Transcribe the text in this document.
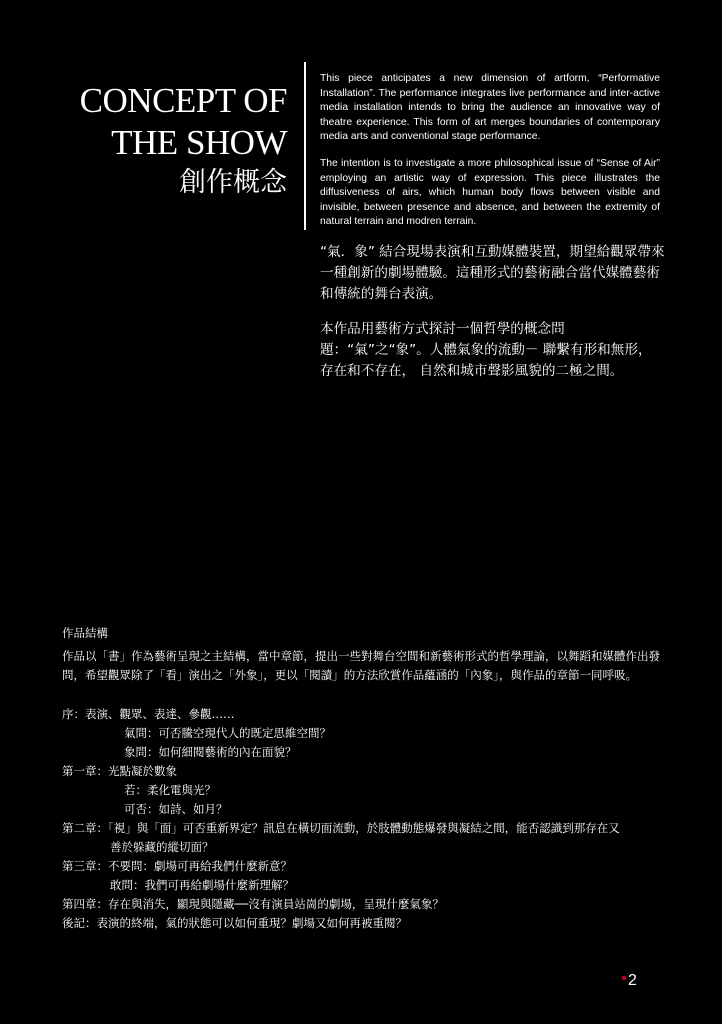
CONCEPT OF
THE SHOW
創作概念

This piece anticipates a new dimension of artform, “Performative Installation”. The performance integrates live performance and inter-active media installation intends to bring the audience an innovative way of theatre experience. This form of art merges boundaries of contemporary media arts and conventional stage performance.

The intention is to investigate a more philosophical issue of “Sense of Air” employing an artistic way of expression. This piece illustrates the diffusiveness of airs, which human body flows between visible and invisible, between presence and absence, and between the extremity of natural terrain and modren terrain.

“氣．象” 結合現場表演和互動媒體裝置，期望給觀眾帶來一種創新的劇場體驗。這種形式的藝術融合當代媒體藝術和傳統的舞台表演。

本作品用藝術方式探討一個哲學的概念問題：“氣”之“象”。人體氣象的流動－ 聯繫有形和無形，存在和不存在， 自然和城市聲影風貌的二極之間。

作品結構

作品以「書」作為藝術呈現之主結構，當中章節，提出一些對舞台空間和新藝術形式的哲學理論，以舞蹈和媒體作出發問，希望觀眾除了「看」演出之「外象」，更以「閱讀」的方法欣賞作品蘊涵的「內象」，與作品的章節一同呼吸。

序：表演、觀眾、表達、參觀……
氣問：可否騰空現代人的既定思維空間？
象問：如何細閱藝術的內在面貌？
第一章：光點凝於數象
若：柔化電與光？
可否：如詩、如月？
第二章：「視」與「面」可否重新界定？訊息在橫切面流動，於肢體動態爆發與凝結之間，能否認識到那存在又
善於躲藏的縱切面？
第三章：不要問：劇場可再給我們什麼新意？
敢問：我們可再給劇場什麼新理解？
第四章：存在與消失，顯現與隱藏──沒有演員站崗的劇場，呈現什麼氣象？
後記：表演的終端，氣的狀態可以如何重現？劇場又如何再被重閱？
2
